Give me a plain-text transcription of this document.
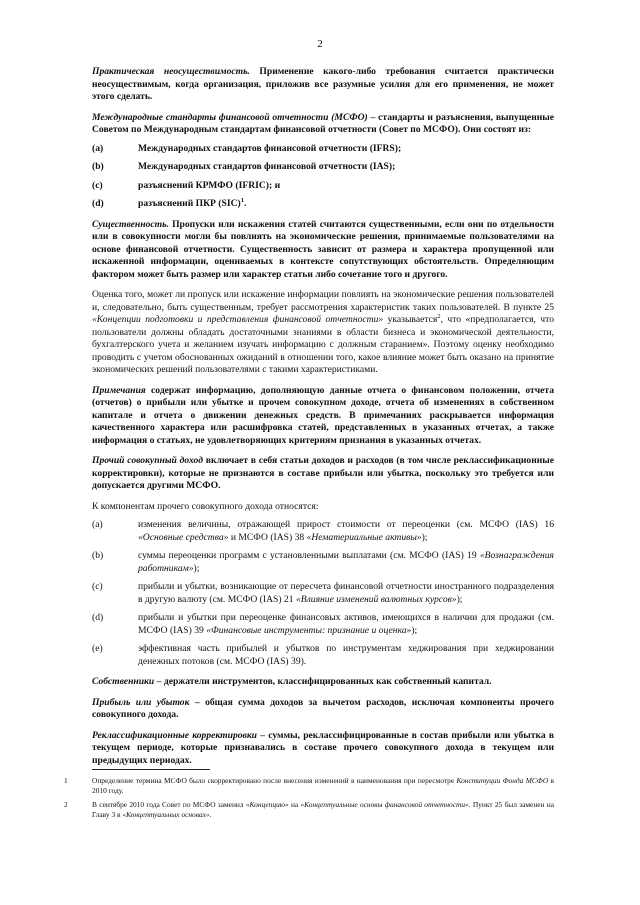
2
Практическая неосуществимость. Применение какого-либо требования считается практически неосуществимым, когда организация, приложив все разумные усилия для его применения, не может этого сделать.
Международные стандарты финансовой отчетности (МСФО) – стандарты и разъяснения, выпущенные Советом по Международным стандартам финансовой отчетности (Совет по МСФО). Они состоят из:
(a)	Международных стандартов финансовой отчетности (IFRS);
(b)	Международных стандартов финансовой отчетности (IAS);
(c)	разъяснений КРМФО (IFRIC); и
(d)	разъяснений ПКР (SIC)$^1$.
Существенность. Пропуски или искажения статей считаются существенными, если они по отдельности или в совокупности могли бы повлиять на экономические решения, принимаемые пользователями на основе финансовой отчетности. Существенность зависит от размера и характера пропущенной или искаженной информации, оцениваемых в контексте сопутствующих обстоятельств. Определяющим фактором может быть размер или характер статьи либо сочетание того и другого.
Оценка того, может ли пропуск или искажение информации повлиять на экономические решения пользователей и, следовательно, быть существенным, требует рассмотрения характеристик таких пользователей. В пункте 25 «Концепции подготовки и представления финансовой отчетности» указывается$^2$, что «предполагается, что пользователи должны обладать достаточными знаниями в области бизнеса и экономической деятельности, бухгалтерского учета и желанием изучать информацию с должным старанием». Поэтому оценку необходимо проводить с учетом обоснованных ожиданий в отношении того, какое влияние может быть оказано на принятие экономических решений пользователями с такими характеристиками.
Примечания содержат информацию, дополняющую данные отчета о финансовом положении, отчета (отчетов) о прибыли или убытке и прочем совокупном доходе, отчета об изменениях в собственном капитале и отчета о движении денежных средств. В примечаниях раскрывается информация качественного характера или расшифровка статей, представленных в указанных отчетах, а также информация о статьях, не удовлетворяющих критериям признания в указанных отчетах.
Прочий совокупный доход включает в себя статьи доходов и расходов (в том числе реклассификационные корректировки), которые не признаются в составе прибыли или убытка, поскольку это требуется или допускается другими МСФО.
К компонентам прочего совокупного дохода относятся:
(a)	изменения величины, отражающей прирост стоимости от переоценки (см. МСФО (IAS) 16 «Основные средства» и МСФО (IAS) 38 «Нематериальные активы»);
(b)	суммы переоценки программ с установленными выплатами (см. МСФО (IAS) 19 «Вознаграждения работникам»);
(c)	прибыли и убытки, возникающие от пересчета финансовой отчетности иностранного подразделения в другую валюту (см. МСФО (IAS) 21 «Влияние изменений валютных курсов»);
(d)	прибыли и убытки при переоценке финансовых активов, имеющихся в наличии для продажи (см. МСФО (IAS) 39 «Финансовые инструменты: признание и оценка»);
(e)	эффективная часть прибылей и убытков по инструментам хеджирования при хеджировании денежных потоков (см. МСФО (IAS) 39).
Собственники – держатели инструментов, классифицированных как собственный капитал.
Прибыль или убыток – общая сумма доходов за вычетом расходов, исключая компоненты прочего совокупного дохода.
Реклассификационные корректировки – суммы, реклассифицированные в состав прибыли или убытка в текущем периоде, которые признавались в составе прочего совокупного дохода в текущем или предыдущих периодах.
1	Определение термина МСФО было скорректировано после внесения изменений в наименования при пересмотре Конституции Фонда МСФО в 2010 году.
2	В сентябре 2010 года Совет по МСФО заменил «Концепцию» на «Концептуальные основы финансовой отчетности». Пункт 25 был заменен на Главу 3 в «Концептуальных основах».
